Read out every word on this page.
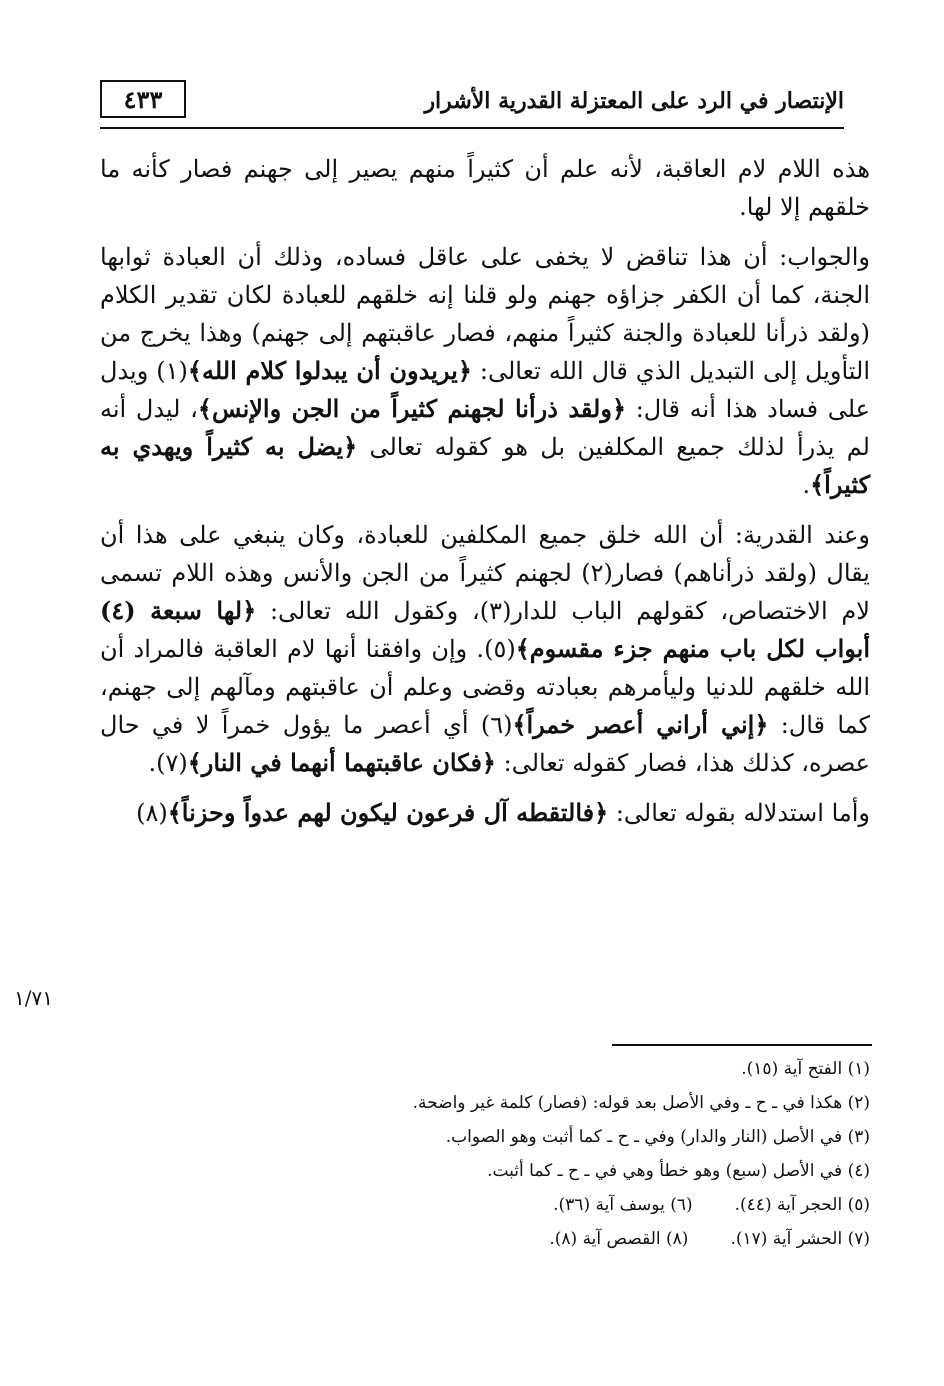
الإنتصار في الرد على المعتزلة القدرية الأشرار
٤٣٣

هذه اللام لام العاقبة، لأنه علم أن كثيراً منهم يصير إلى جهنم فصار كأنه ما خلقهم إلا لها.

والجواب: أن هذا تناقض لا يخفى على عاقل فساده، وذلك أن العبادة ثوابها الجنة، كما أن الكفر جزاؤه جهنم ولو قلنا إنه خلقهم للعبادة لكان تقدير الكلام (ولقد ذرأنا للعبادة والجنة كثيراً منهم، فصار عاقبتهم إلى جهنم) وهذا يخرج من التأويل إلى التبديل الذي قال الله تعالى: ﴿يريدون أن يبدلوا كلام الله﴾(١) ويدل على فساد هذا أنه قال: ﴿ولقد ذرأنا لجهنم كثيراً من الجن والإنس﴾، ليدل أنه لم يذرأ لذلك جميع المكلفين بل هو كقوله تعالى ﴿يضل به كثيراً ويهدي به كثيراً﴾.

وعند القدرية: أن الله خلق جميع المكلفين للعبادة، وكان ينبغي على هذا أن يقال (ولقد ذرأناهم) فصار(٢) لجهنم كثيراً من الجن والأنس وهذه اللام تسمى لام الاختصاص، كقولهم الباب للدار(٣)، وكقول الله تعالى: ﴿لها سبعة (٤) أبواب لكل باب منهم جزء مقسوم﴾(٥). وإن وافقنا أنها لام العاقبة فالمراد أن الله خلقهم للدنيا وليأمرهم بعبادته وقضى وعلم أن عاقبتهم ومآلهم إلى جهنم، كما قال: ﴿إني أراني أعصر خمراً﴾(٦) أي أعصر ما يؤول خمراً لا في حال عصره، كذلك هذا، فصار كقوله تعالى: ﴿فكان عاقبتهما أنهما في النار﴾(٧).

وأما استدلاله بقوله تعالى: ﴿فالتقطه آل فرعون ليكون لهم عدواً وحزناً﴾(٨)

١/٧١
(١) الفتح آية (١٥).
(٢) هكذا في ـ ح ـ وفي الأصل بعد قوله: (فصار) كلمة غير واضحة.
(٣) في الأصل (النار والدار) وفي ـ ح ـ كما أثبت وهو الصواب.
(٤) في الأصل (سبع) وهو خطأ وهي في ـ ح ـ كما أثبت.
(٥) الحجر آية (٤٤).
(٦) يوسف آية (٣٦).
(٧) الحشر آية (١٧).
(٨) القصص آية (٨).
